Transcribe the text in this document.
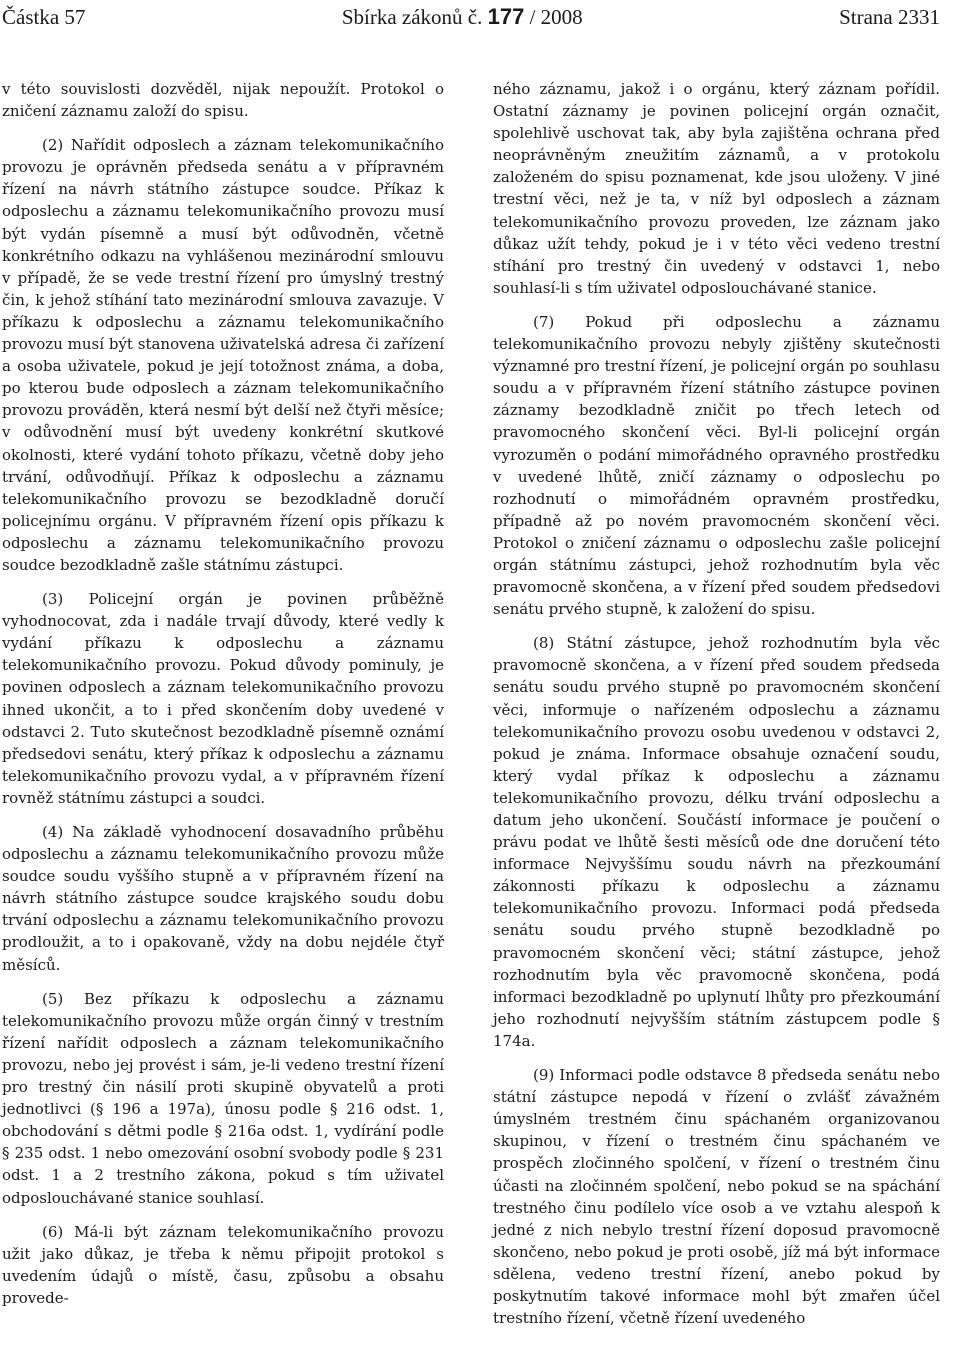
Částka 57	Sbírka zákonů č. 177 / 2008	Strana 2331

v této souvislosti dozvěděl, nijak nepoužít. Protokol o zničení záznamu založí do spisu.

(2) Nařídit odposlech a záznam telekomunikačního provozu je oprávněn předseda senátu a v přípravném řízení na návrh státního zástupce soudce. Příkaz k odposlechu a záznamu telekomunikačního provozu musí být vydán písemně a musí být odůvodněn, včetně konkrétního odkazu na vyhlášenou mezinárodní smlouvu v případě, že se vede trestní řízení pro úmyslný trestný čin, k jehož stíhání tato mezinárodní smlouva zavazuje. V příkazu k odposlechu a záznamu telekomunikačního provozu musí být stanovena uživatelská adresa či zařízení a osoba uživatele, pokud je její totožnost známa, a doba, po kterou bude odposlech a záznam telekomunikačního provozu prováděn, která nesmí být delší než čtyři měsíce; v odůvodnění musí být uvedeny konkrétní skutkové okolnosti, které vydání tohoto příkazu, včetně doby jeho trvání, odůvodňují. Příkaz k odposlechu a záznamu telekomunikačního provozu se bezodkladně doručí policejnímu orgánu. V přípravném řízení opis příkazu k odposlechu a záznamu telekomunikačního provozu soudce bezodkladně zašle státnímu zástupci.

(3) Policejní orgán je povinen průběžně vyhodnocovat, zda i nadále trvají důvody, které vedly k vydání příkazu k odposlechu a záznamu telekomunikačního provozu. Pokud důvody pominuly, je povinen odposlech a záznam telekomunikačního provozu ihned ukončit, a to i před skončením doby uvedené v odstavci 2. Tuto skutečnost bezodkladně písemně oznámí předsedovi senátu, který příkaz k odposlechu a záznamu telekomunikačního provozu vydal, a v přípravném řízení rovněž státnímu zástupci a soudci.

(4) Na základě vyhodnocení dosavadního průběhu odposlechu a záznamu telekomunikačního provozu může soudce soudu vyššího stupně a v přípravném řízení na návrh státního zástupce soudce krajského soudu dobu trvání odposlechu a záznamu telekomunikačního provozu prodloužit, a to i opakovaně, vždy na dobu nejdéle čtyř měsíců.

(5) Bez příkazu k odposlechu a záznamu telekomunikačního provozu může orgán činný v trestním řízení nařídit odposlech a záznam telekomunikačního provozu, nebo jej provést i sám, je-li vedeno trestní řízení pro trestný čin násilí proti skupině obyvatelů a proti jednotlivci (§ 196 a 197a), únosu podle § 216 odst. 1, obchodování s dětmi podle § 216a odst. 1, vydírání podle § 235 odst. 1 nebo omezování osobní svobody podle § 231 odst. 1 a 2 trestního zákona, pokud s tím uživatel odposlouchávané stanice souhlasí.

(6) Má-li být záznam telekomunikačního provozu užit jako důkaz, je třeba k němu připojit protokol s uvedením údajů o místě, času, způsobu a obsahu provede-

ného záznamu, jakož i o orgánu, který záznam pořídil. Ostatní záznamy je povinen policejní orgán označit, spolehlivě uschovat tak, aby byla zajištěna ochrana před neoprávněným zneužitím záznamů, a v protokolu založeném do spisu poznamenat, kde jsou uloženy. V jiné trestní věci, než je ta, v níž byl odposlech a záznam telekomunikačního provozu proveden, lze záznam jako důkaz užít tehdy, pokud je i v této věci vedeno trestní stíhání pro trestný čin uvedený v odstavci 1, nebo souhlasí-li s tím uživatel odposlouchávané stanice.

(7) Pokud při odposlechu a záznamu telekomunikačního provozu nebyly zjištěny skutečnosti významné pro trestní řízení, je policejní orgán po souhlasu soudu a v přípravném řízení státního zástupce povinen záznamy bezodkladně zničit po třech letech od pravomocného skončení věci. Byl-li policejní orgán vyrozuměn o podání mimořádného opravného prostředku v uvedené lhůtě, zničí záznamy o odposlechu po rozhodnutí o mimořádném opravném prostředku, případně až po novém pravomocném skončení věci. Protokol o zničení záznamu o odposlechu zašle policejní orgán státnímu zástupci, jehož rozhodnutím byla věc pravomocně skončena, a v řízení před soudem předsedovi senátu prvého stupně, k založení do spisu.

(8) Státní zástupce, jehož rozhodnutím byla věc pravomocně skončena, a v řízení před soudem předseda senátu soudu prvého stupně po pravomocném skončení věci, informuje o nařízeném odposlechu a záznamu telekomunikačního provozu osobu uvedenou v odstavci 2, pokud je známa. Informace obsahuje označení soudu, který vydal příkaz k odposlechu a záznamu telekomunikačního provozu, délku trvání odposlechu a datum jeho ukončení. Součástí informace je poučení o právu podat ve lhůtě šesti měsíců ode dne doručení této informace Nejvyššímu soudu návrh na přezkoumání zákonnosti příkazu k odposlechu a záznamu telekomunikačního provozu. Informaci podá předseda senátu soudu prvého stupně bezodkladně po pravomocném skončení věci; státní zástupce, jehož rozhodnutím byla věc pravomocně skončena, podá informaci bezodkladně po uplynutí lhůty pro přezkoumání jeho rozhodnutí nejvyšším státním zástupcem podle § 174a.

(9) Informaci podle odstavce 8 předseda senátu nebo státní zástupce nepodá v řízení o zvlášť závažném úmyslném trestném činu spáchaném organizovanou skupinou, v řízení o trestném činu spáchaném ve prospěch zločinného spolčení, v řízení o trestném činu účasti na zločinném spolčení, nebo pokud se na spáchání trestného činu podílelo více osob a ve vztahu alespoň k jedné z nich nebylo trestní řízení doposud pravomocně skončeno, nebo pokud je proti osobě, jíž má být informace sdělena, vedeno trestní řízení, anebo pokud by poskytnutím takové informace mohl být zmařen účel trestního řízení, včetně řízení uvedeného
